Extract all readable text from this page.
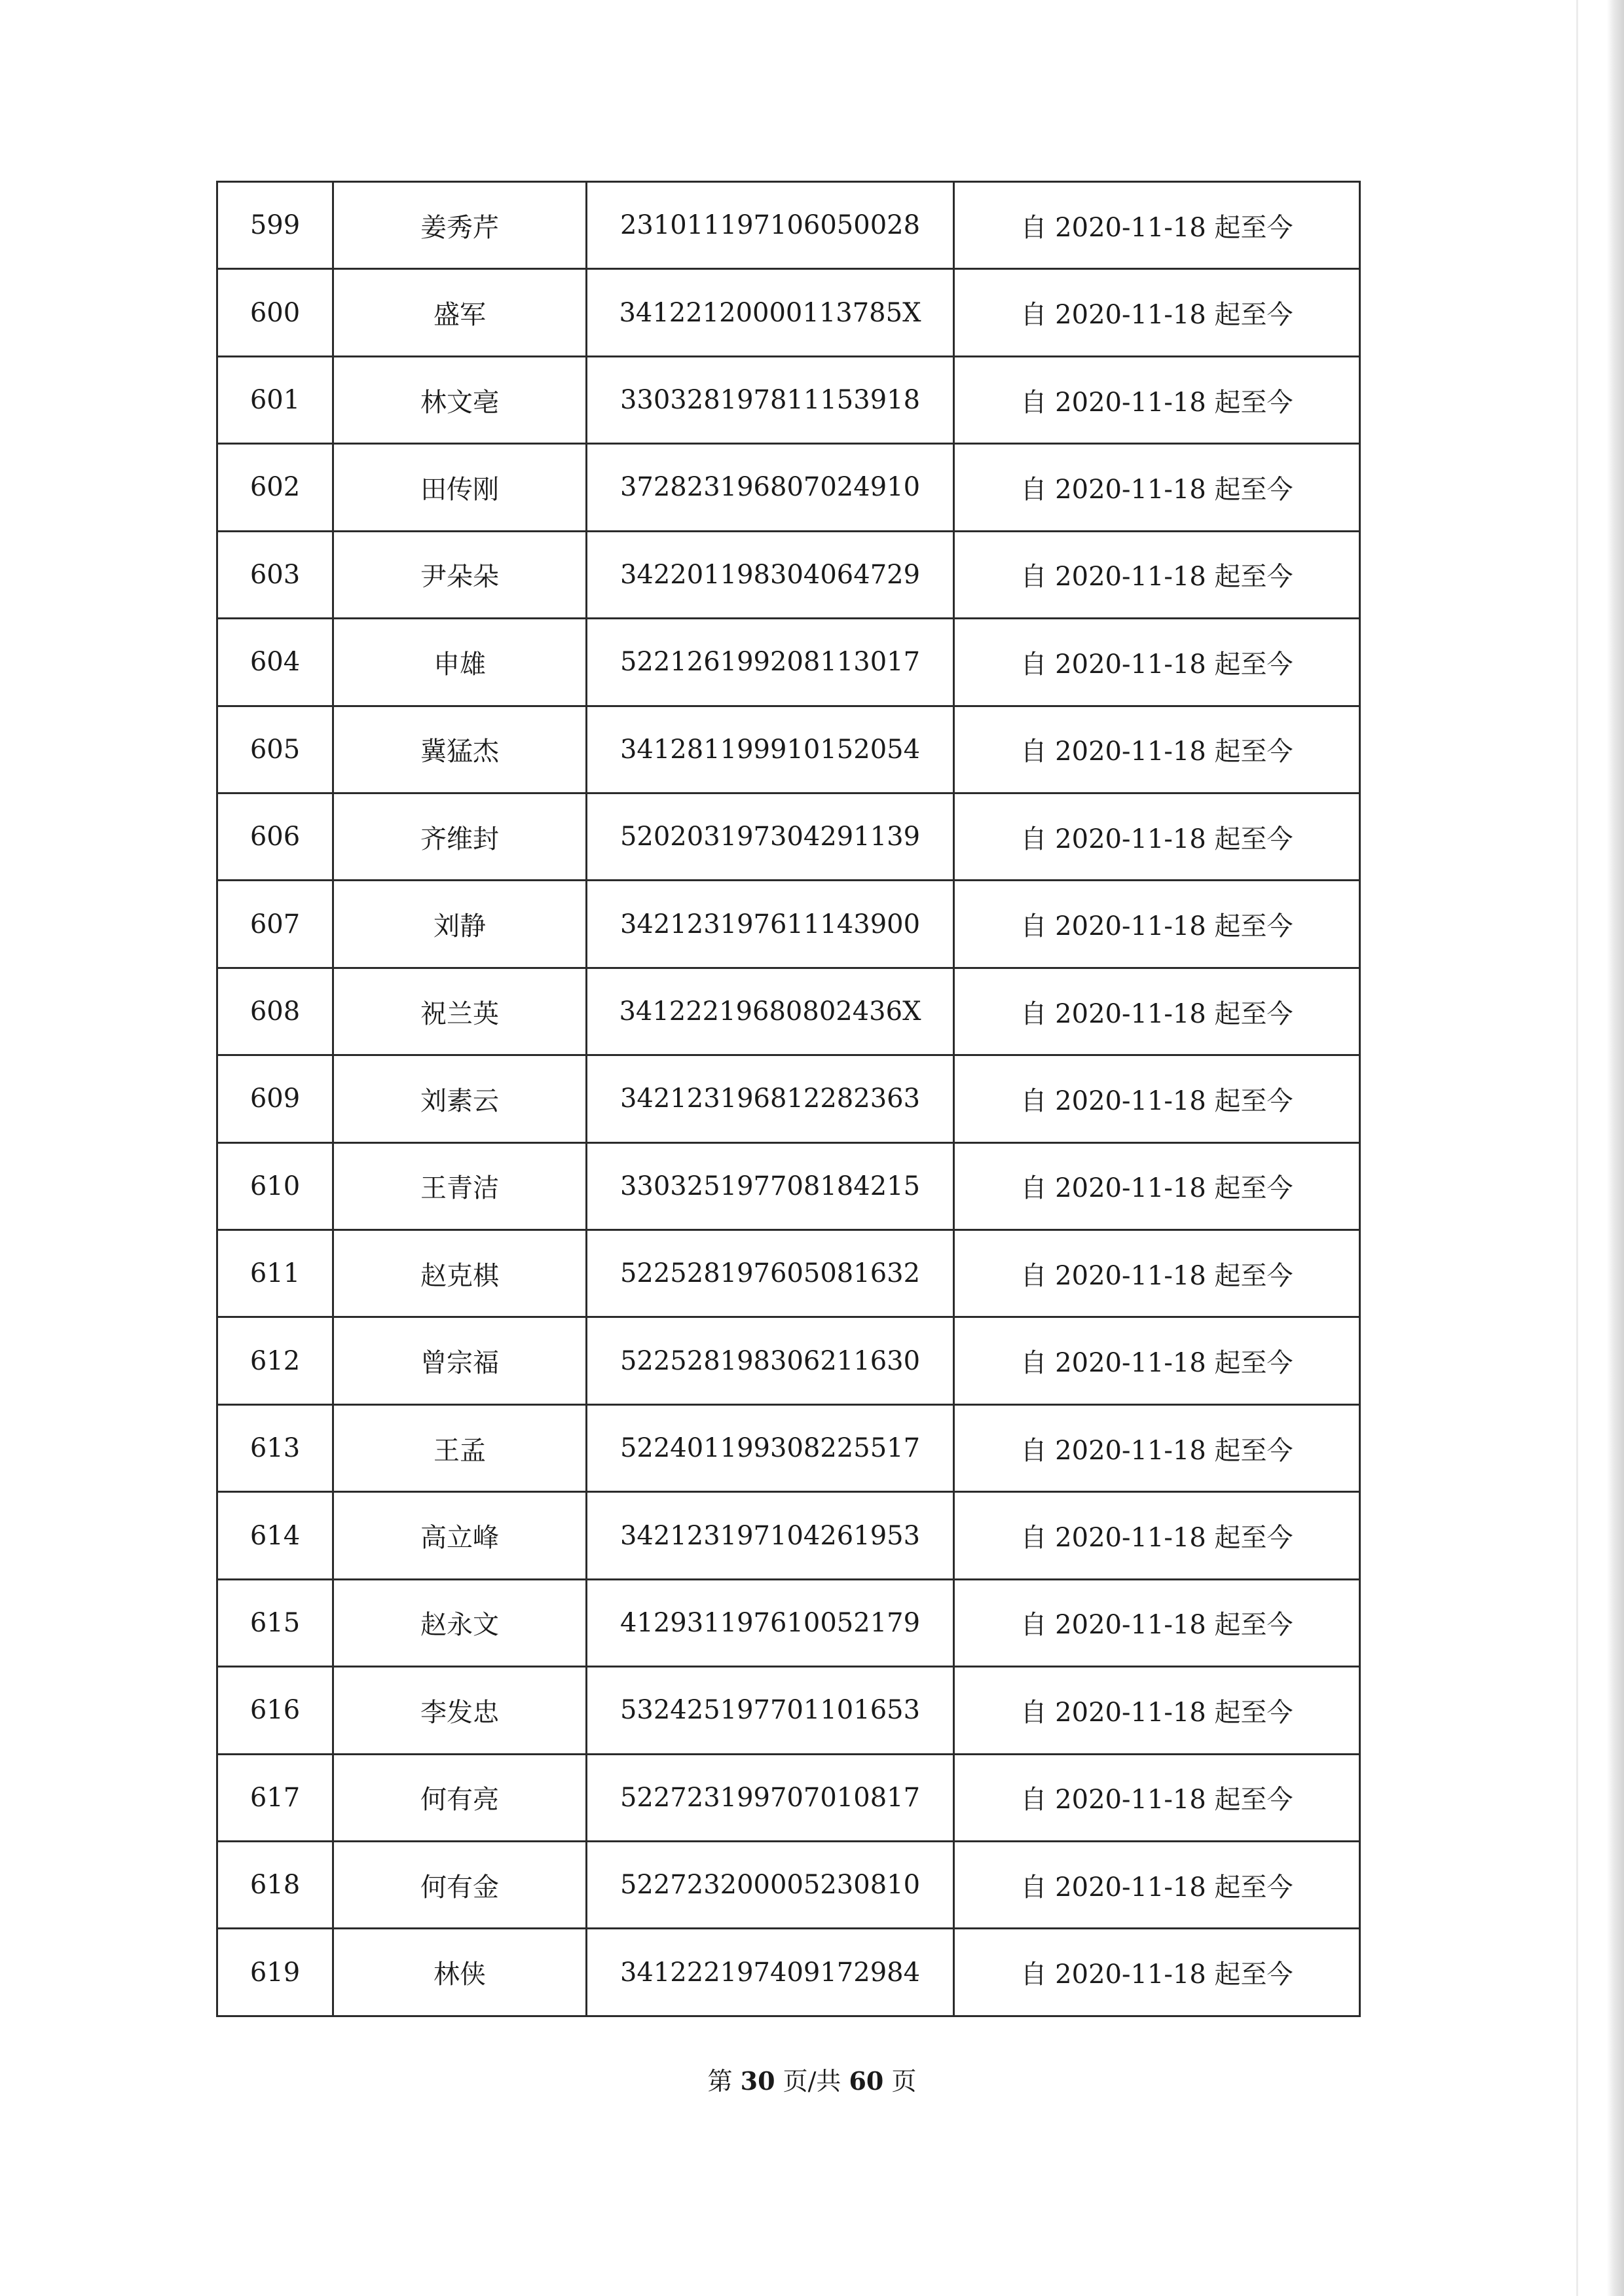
599	姜秀芹	231011197106050028	自 2020-11-18 起至今
600	盛军	34122120000113785X	自 2020-11-18 起至今
601	林文亳	330328197811153918	自 2020-11-18 起至今
602	田传刚	372823196807024910	自 2020-11-18 起至今
603	尹朵朵	342201198304064729	自 2020-11-18 起至今
604	申雄	522126199208113017	自 2020-11-18 起至今
605	冀猛杰	341281199910152054	自 2020-11-18 起至今
606	齐维封	520203197304291139	自 2020-11-18 起至今
607	刘静	342123197611143900	自 2020-11-18 起至今
608	祝兰英	34122219680802436X	自 2020-11-18 起至今
609	刘素云	342123196812282363	自 2020-11-18 起至今
610	王青洁	330325197708184215	自 2020-11-18 起至今
611	赵克棋	522528197605081632	自 2020-11-18 起至今
612	曾宗福	522528198306211630	自 2020-11-18 起至今
613	王孟	522401199308225517	自 2020-11-18 起至今
614	高立峰	342123197104261953	自 2020-11-18 起至今
615	赵永文	412931197610052179	自 2020-11-18 起至今
616	李发忠	532425197701101653	自 2020-11-18 起至今
617	何有亮	522723199707010817	自 2020-11-18 起至今
618	何有金	522723200005230810	自 2020-11-18 起至今
619	林侠	341222197409172984	自 2020-11-18 起至今
第 30 页/共 60 页
